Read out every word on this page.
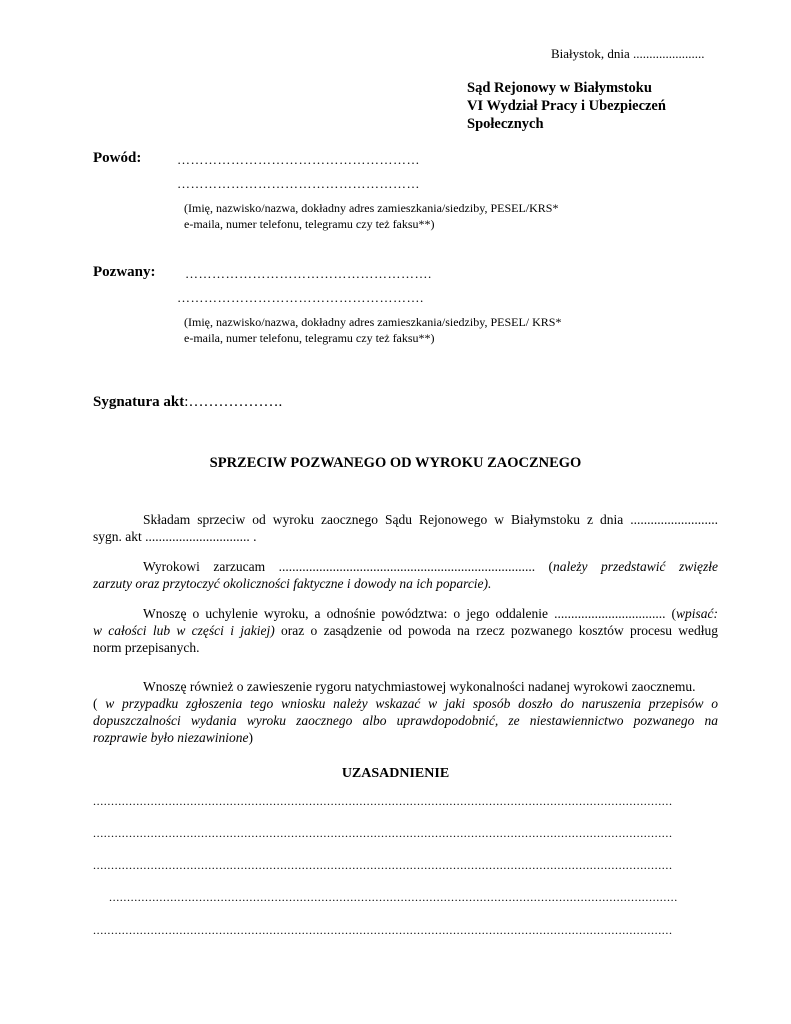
Białystok, dnia ......................
Sąd Rejonowy w Białymstoku
VI Wydział Pracy i Ubezpieczeń
Społecznych
Powód:	………………………………………………
………………………………………………
(Imię, nazwisko/nazwa, dokładny adres zamieszkania/siedziby, PESEL/KRS*
e-maila, numer telefonu, telegramu czy też faksu**)
Pozwany: ……………………………………………….
……………………………………………….
(Imię, nazwisko/nazwa, dokładny adres zamieszkania/siedziby, PESEL/ KRS*
e-maila, numer telefonu, telegramu czy też faksu**)
Sygnatura akt:……………….
SPRZECIW POZWANEGO OD WYROKU ZAOCZNEGO
Składam sprzeciw od wyroku zaocznego Sądu Rejonowego w Białymstoku z dnia ..........................
sygn. akt ............................... .
Wyrokowi zarzucam ............................................................................ (należy przedstawić zwięzłe
zarzuty oraz przytoczyć okoliczności faktyczne i dowody na ich poparcie).
Wnoszę o uchylenie wyroku, a odnośnie powództwa: o jego oddalenie ................................. (wpisać:
w całości lub w części i jakiej) oraz o zasądzenie od powoda na rzecz pozwanego kosztów procesu według
norm przepisanych.
Wnoszę również o zawieszenie rygoru natychmiastowej wykonalności nadanej wyrokowi zaocznemu.
( w przypadku zgłoszenia tego wniosku należy wskazać w jaki sposób doszło do naruszenia przepisów o
dopuszczalności wydania wyroku zaocznego albo uprawdopodobnić, ze niestawiennictwo pozwanego na
rozprawie było niezawinione)
UZASADNIENIE
.................................................................................................................................................................
.................................................................................................................................................................
.................................................................................................................................................................
..............................................................................................................................................................
.................................................................................................................................................................
